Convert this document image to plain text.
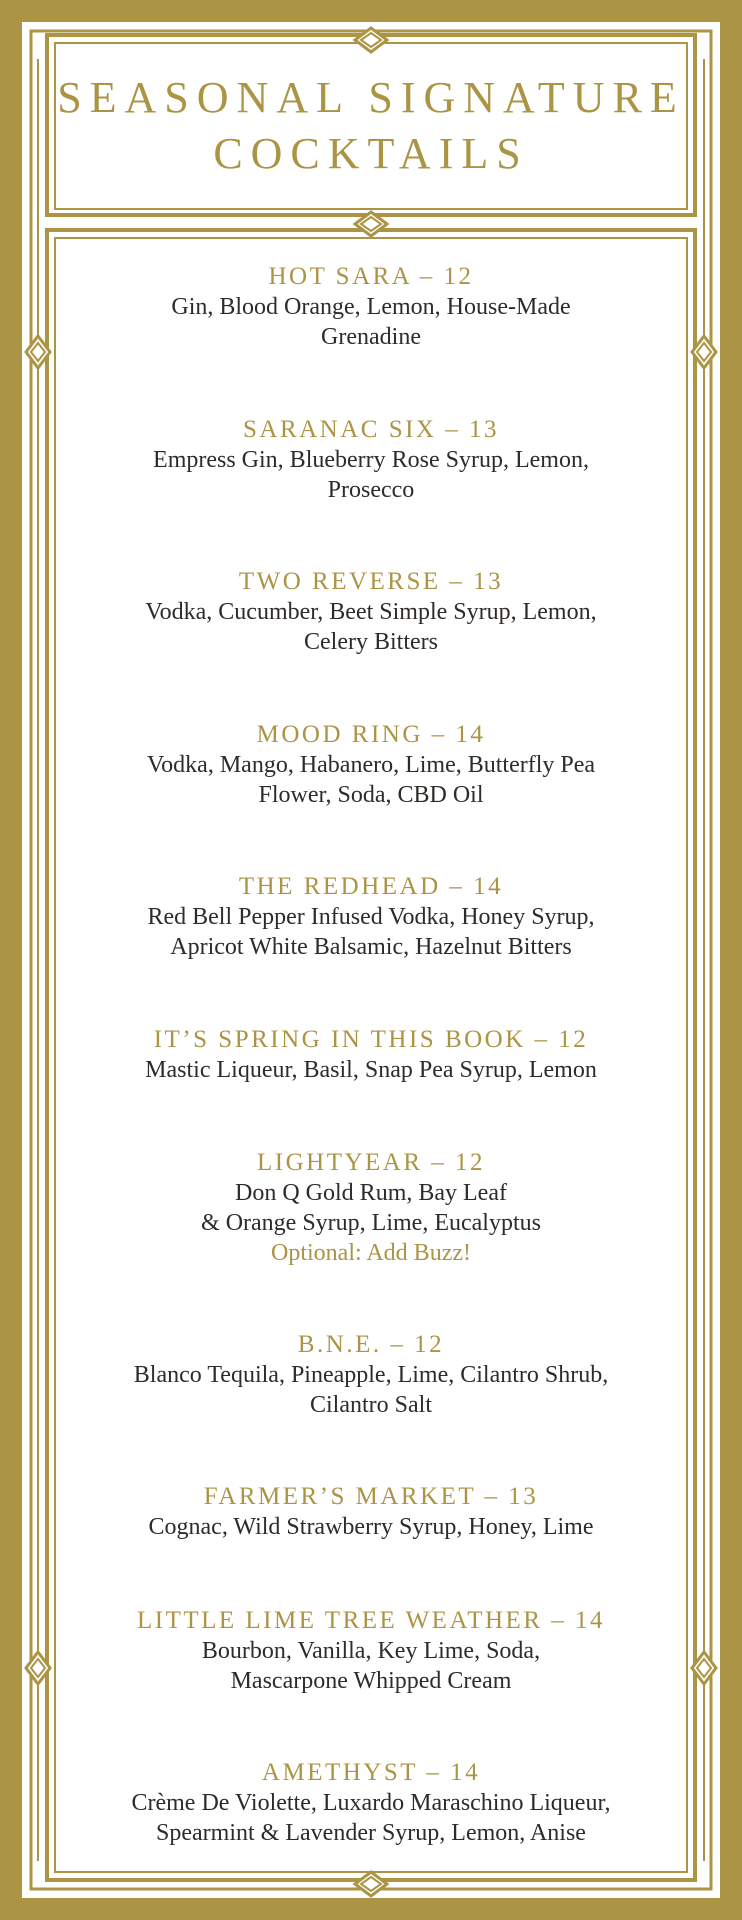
SEASONAL SIGNATURE
COCKTAILS
HOT SARA – 12
Gin, Blood Orange, Lemon, House-Made
Grenadine
SARANAC SIX – 13
Empress Gin, Blueberry Rose Syrup, Lemon,
Prosecco
TWO REVERSE – 13
Vodka, Cucumber, Beet Simple Syrup, Lemon,
Celery Bitters
MOOD RING – 14
Vodka, Mango, Habanero, Lime, Butterfly Pea
Flower, Soda, CBD Oil
THE REDHEAD – 14
Red Bell Pepper Infused Vodka, Honey Syrup,
Apricot White Balsamic, Hazelnut Bitters
IT’S SPRING IN THIS BOOK – 12
Mastic Liqueur, Basil, Snap Pea Syrup, Lemon
LIGHTYEAR – 12
Don Q Gold Rum, Bay Leaf
& Orange Syrup, Lime, Eucalyptus
Optional: Add Buzz!
B.N.E. – 12
Blanco Tequila, Pineapple, Lime, Cilantro Shrub,
Cilantro Salt
FARMER’S MARKET – 13
Cognac, Wild Strawberry Syrup, Honey, Lime
LITTLE LIME TREE WEATHER – 14
Bourbon, Vanilla, Key Lime, Soda,
Mascarpone Whipped Cream
AMETHYST – 14
Crème De Violette, Luxardo Maraschino Liqueur,
Spearmint & Lavender Syrup, Lemon, Anise
